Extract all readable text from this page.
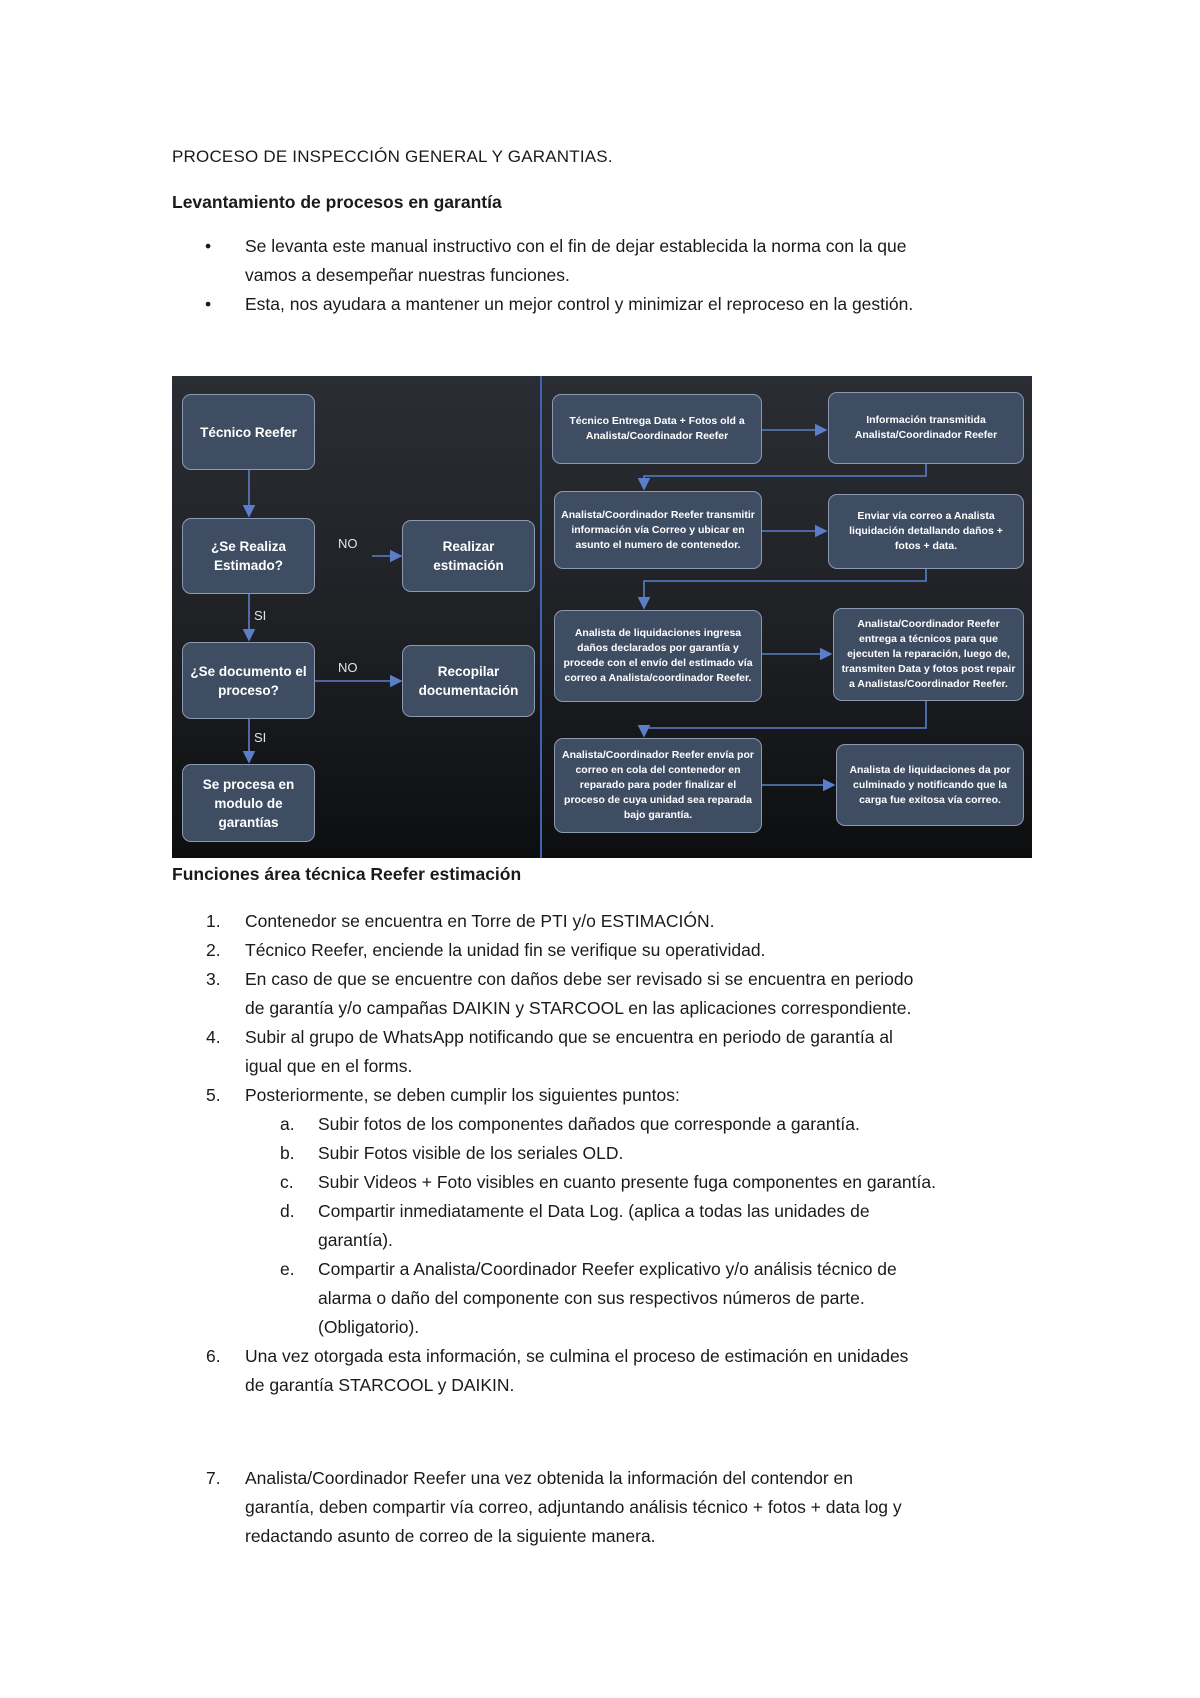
PROCESO DE INSPECCIÓN GENERAL Y GARANTIAS.
Levantamiento de procesos en garantía
• Se levanta este manual instructivo con el fin de dejar establecida la norma con la que
vamos a desempeñar nuestras funciones.
• Esta, nos ayudara a mantener un mejor control y minimizar el reproceso en la gestión.
Técnico Reefer
¿Se Realiza Estimado?
Realizar estimación
¿Se documento el proceso?
Recopilar documentación
Se procesa en modulo de garantías
NO
NO
SI
SI
Técnico Entrega Data + Fotos old a Analista/Coordinador Reefer
Información transmitida Analista/Coordinador Reefer
Analista/Coordinador Reefer transmitir información vía Correo y ubicar en asunto el numero de contenedor.
Enviar vía correo a Analista liquidación detallando daños + fotos + data.
Analista de liquidaciones ingresa daños declarados por garantía y procede con el envío del estimado vía correo a Analista/coordinador Reefer.
Analista/Coordinador Reefer entrega a técnicos para que ejecuten la reparación, luego de, transmiten Data y fotos post repair a Analistas/Coordinador Reefer.
Analista/Coordinador Reefer envía por correo en cola del contenedor en reparado para poder finalizar el proceso de cuya unidad sea reparada bajo garantía.
Analista de liquidaciones da por culminado y notificando que la carga fue exitosa vía correo.
Funciones área técnica Reefer estimación
1. Contenedor se encuentra en Torre de PTI y/o ESTIMACIÓN.
2. Técnico Reefer, enciende la unidad fin se verifique su operatividad.
3. En caso de que se encuentre con daños debe ser revisado si se encuentra en periodo
de garantía y/o campañas DAIKIN y STARCOOL en las aplicaciones correspondiente.
4. Subir al grupo de WhatsApp notificando que se encuentra en periodo de garantía al
igual que en el forms.
5. Posteriormente, se deben cumplir los siguientes puntos:
a. Subir fotos de los componentes dañados que corresponde a garantía.
b. Subir Fotos visible de los seriales OLD.
c. Subir Videos + Foto visibles en cuanto presente fuga componentes en garantía.
d. Compartir inmediatamente el Data Log. (aplica a todas las unidades de
garantía).
e. Compartir a Analista/Coordinador Reefer explicativo y/o análisis técnico de
alarma o daño del componente con sus respectivos números de parte.
(Obligatorio).
6. Una vez otorgada esta información, se culmina el proceso de estimación en unidades
de garantía STARCOOL y DAIKIN.
7. Analista/Coordinador Reefer una vez obtenida la información del contendor en
garantía, deben compartir vía correo, adjuntando análisis técnico + fotos + data log y
redactando asunto de correo de la siguiente manera.
